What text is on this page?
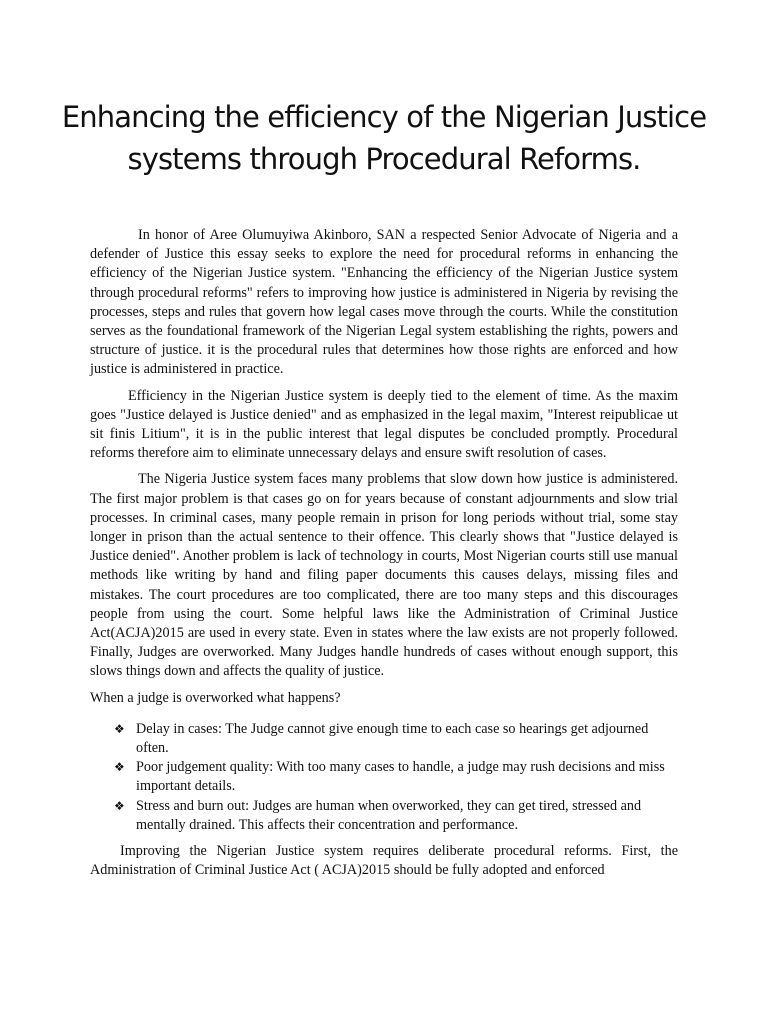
Enhancing the efficiency of the Nigerian Justice systems through Procedural Reforms.

In honor of Aree Olumuyiwa Akinboro, SAN a respected Senior Advocate of Nigeria and a defender of Justice this essay seeks to explore the need for procedural reforms in enhancing the efficiency of the Nigerian Justice system. "Enhancing the efficiency of the Nigerian Justice system through procedural reforms" refers to improving how justice is administered in Nigeria by revising the processes, steps and rules that govern how legal cases move through the courts. While the constitution serves as the foundational framework of the Nigerian Legal system establishing the rights, powers and structure of justice. it is the procedural rules that determines how those rights are enforced and how justice is administered in practice.

Efficiency in the Nigerian Justice system is deeply tied to the element of time. As the maxim goes "Justice delayed is Justice denied" and as emphasized in the legal maxim, "Interest reipublicae ut sit finis Litium", it is in the public interest that legal disputes be concluded promptly. Procedural reforms therefore aim to eliminate unnecessary delays and ensure swift resolution of cases.

The Nigeria Justice system faces many problems that slow down how justice is administered. The first major problem is that cases go on for years because of constant adjournments and slow trial processes. In criminal cases, many people remain in prison for long periods without trial, some stay longer in prison than the actual sentence to their offence. This clearly shows that "Justice delayed is Justice denied". Another problem is lack of technology in courts, Most Nigerian courts still use manual methods like writing by hand and filing paper documents this causes delays, missing files and mistakes. The court procedures are too complicated, there are too many steps and this discourages people from using the court. Some helpful laws like the Administration of Criminal Justice Act(ACJA)2015 are used in every state. Even in states where the law exists are not properly followed. Finally, Judges are overworked. Many Judges handle hundreds of cases without enough support, this slows things down and affects the quality of justice.

When a judge is overworked what happens?

❖ Delay in cases: The Judge cannot give enough time to each case so hearings get adjourned often.
❖ Poor judgement quality: With too many cases to handle, a judge may rush decisions and miss important details.
❖ Stress and burn out: Judges are human when overworked, they can get tired, stressed and mentally drained. This affects their concentration and performance.

Improving the Nigerian Justice system requires deliberate procedural reforms. First, the Administration of Criminal Justice Act ( ACJA)2015 should be fully adopted and enforced
